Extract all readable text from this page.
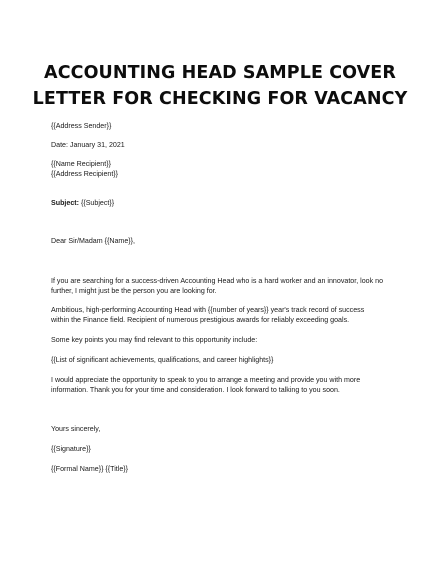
ACCOUNTING HEAD SAMPLE COVER
LETTER FOR CHECKING FOR VACANCY

{{Address Sender}}

Date: January 31, 2021

{{Name Recipient}}

{{Address Recipient}}

Subject: {{Subject}}

Dear Sir/Madam {{Name}},

If you are searching for a success-driven Accounting Head who is a hard worker and an innovator, look no

further, I might just be the person you are looking for.

Ambitious, high-performing Accounting Head with {{number of years}} year's track record of success

within the Finance field. Recipient of numerous prestigious awards for reliably exceeding goals.

Some key points you may find relevant to this opportunity include:

{{List of significant achievements, qualifications, and career highlights}}

I would appreciate the opportunity to speak to you to arrange a meeting and provide you with more

information. Thank you for your time and consideration. I look forward to talking to you soon.

Yours sincerely,

{{Signature}}

{{Formal Name}} {{Title}}
